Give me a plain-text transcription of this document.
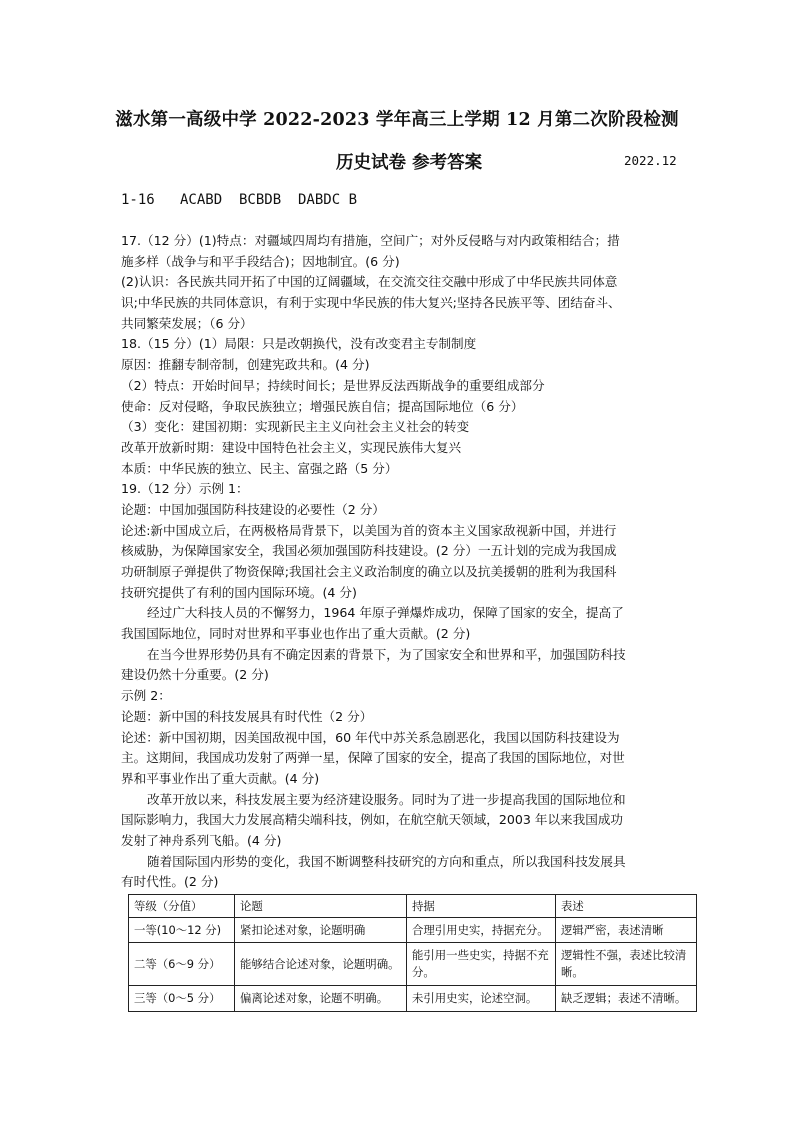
滋水第一高级中学 2022-2023 学年高三上学期 12 月第二次阶段检测
历史试卷 参考答案	2022.12
1-16   ACABD  BCBDB  DABDC B
17.（12 分）(1)特点：对疆域四周均有措施，空间广；对外反侵略与对内政策相结合；措
施多样（战争与和平手段结合)；因地制宜。(6 分)
(2)认识：各民族共同开拓了中国的辽阔疆域，在交流交往交融中形成了中华民族共同体意
识;中华民族的共同体意识，有利于实现中华民族的伟大复兴;坚持各民族平等、团结奋斗、
共同繁荣发展；（6 分）
18.（15 分）(1）局限：只是改朝换代，没有改变君主专制制度
原因：推翻专制帝制，创建宪政共和。(4 分)
（2）特点：开始时间早；持续时间长；是世界反法西斯战争的重要组成部分
使命：反对侵略，争取民族独立；增强民族自信；提高国际地位（6 分）
（3）变化：建国初期：实现新民主主义向社会主义社会的转变
改革开放新时期：建设中国特色社会主义，实现民族伟大复兴
本质：中华民族的独立、民主、富强之路（5 分）
19.（12 分）示例 1：
论题：中国加强国防科技建设的必要性（2 分）
论述:新中国成立后，在两极格局背景下，以美国为首的资本主义国家敌视新中国，并进行
核威胁，为保障国家安全，我国必须加强国防科技建设。(2 分）一五计划的完成为我国成
功研制原子弹提供了物资保障;我国社会主义政治制度的确立以及抗美援朝的胜利为我国科
技研究提供了有利的国内国际环境。(4 分)
经过广大科技人员的不懈努力，1964 年原子弹爆炸成功，保障了国家的安全，提高了
我国国际地位，同时对世界和平事业也作出了重大贡献。(2 分)
在当今世界形势仍具有不确定因素的背景下，为了国家安全和世界和平，加强国防科技
建设仍然十分重要。(2 分)
示例 2：
论题：新中国的科技发展具有时代性（2 分）
论述：新中国初期，因美国敌视中国，60 年代中苏关系急剧恶化，我国以国防科技建设为
主。这期间，我国成功发射了两弹一星，保障了国家的安全，提高了我国的国际地位，对世
界和平事业作出了重大贡献。(4 分)
改革开放以来，科技发展主要为经济建设服务。同时为了进一步提高我国的国际地位和
国际影响力，我国大力发展高精尖端科技，例如，在航空航天领域，2003 年以来我国成功
发射了神舟系列飞船。(4 分)
随着国际国内形势的变化，我国不断调整科技研究的方向和重点，所以我国科技发展具
有时代性。(2 分)
等级（分值）	论题	持据	表述
一等(10～12 分)	紧扣论述对象，论题明确	合理引用史实，持据充分。	逻辑严密，表述清晰
二等（6～9 分）	能够结合论述对象，论题明确。	能引用一些史实，持据不充分。	逻辑性不强，表述比较清晰。
三等（0～5 分）	偏离论述对象，论题不明确。	未引用史实，论述空洞。	缺乏逻辑；表述不清晰。
